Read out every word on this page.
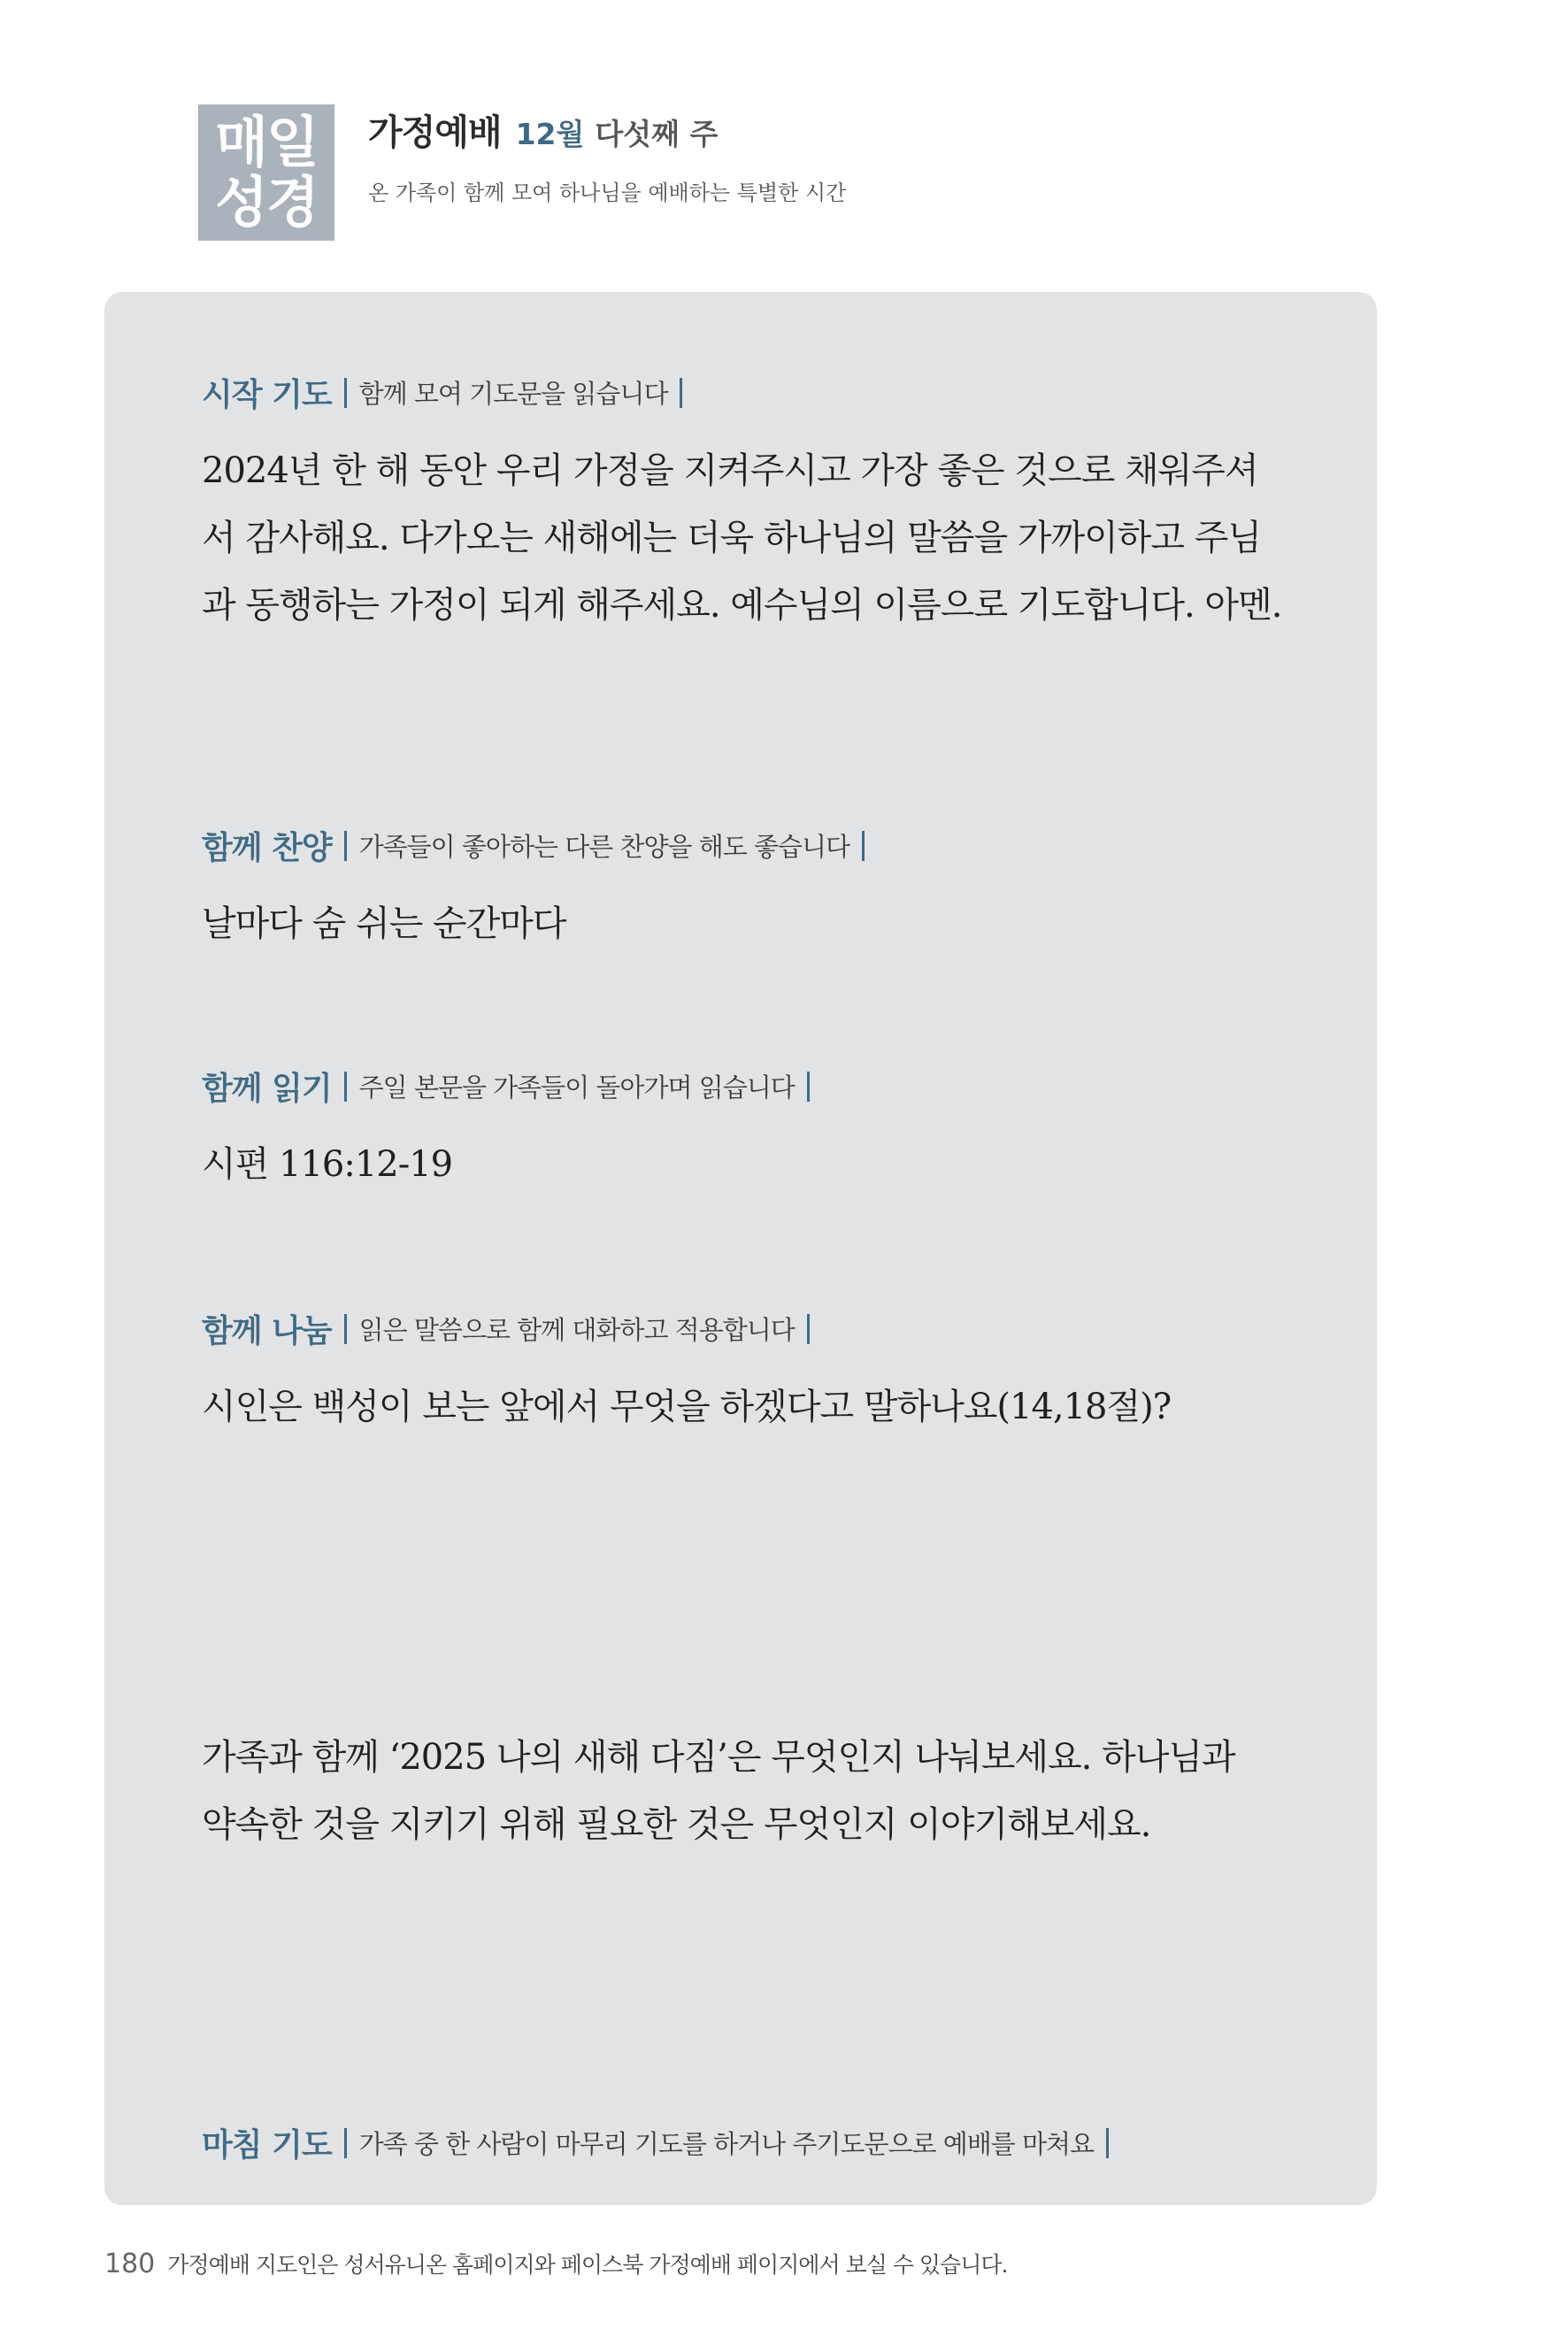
매일
성경
가정예배 12월 다섯째 주
온 가족이 함께 모여 하나님을 예배하는 특별한 시간
시작 기도 함께 모여 기도문을 읽습니다
2024년 한 해 동안 우리 가정을 지켜주시고 가장 좋은 것으로 채워주셔
서 감사해요. 다가오는 새해에는 더욱 하나님의 말씀을 가까이하고 주님
과 동행하는 가정이 되게 해주세요. 예수님의 이름으로 기도합니다. 아멘.
함께 찬양 가족들이 좋아하는 다른 찬양을 해도 좋습니다
날마다 숨 쉬는 순간마다
함께 읽기 주일 본문을 가족들이 돌아가며 읽습니다
시편 116:12-19
함께 나눔 읽은 말씀으로 함께 대화하고 적용합니다
시인은 백성이 보는 앞에서 무엇을 하겠다고 말하나요(14,18절)?
가족과 함께 ‘2025 나의 새해 다짐’은 무엇인지 나눠보세요. 하나님과
약속한 것을 지키기 위해 필요한 것은 무엇인지 이야기해보세요.
마침 기도 가족 중 한 사람이 마무리 기도를 하거나 주기도문으로 예배를 마쳐요
180 가정예배 지도인은 성서유니온 홈페이지와 페이스북 가정예배 페이지에서 보실 수 있습니다.
